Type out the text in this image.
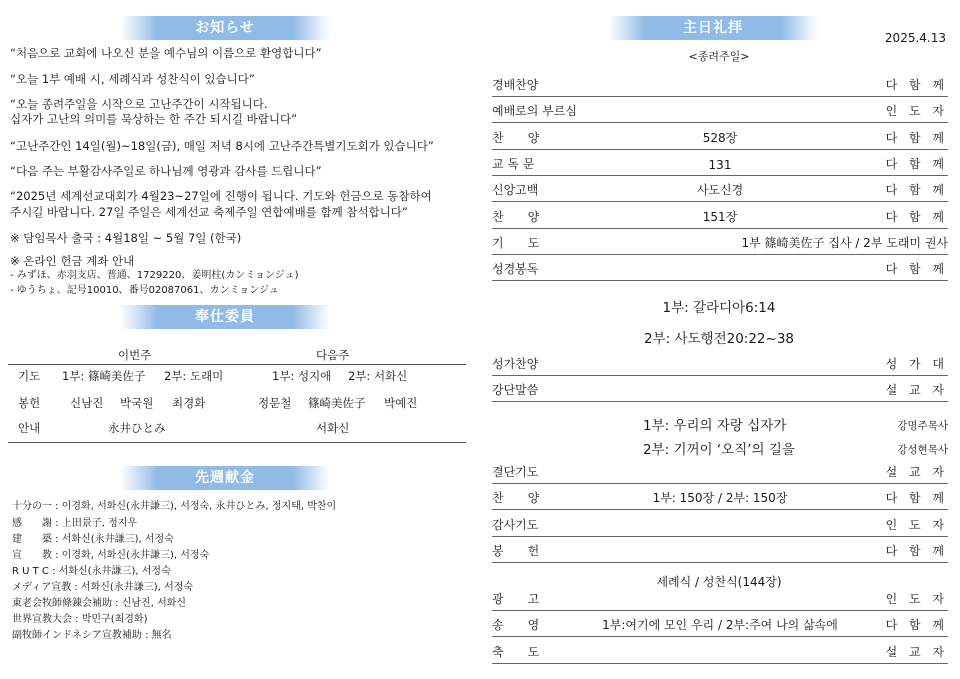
お知らせ
“처음으로 교회에 나오신 분을 예수님의 이름으로 환영합니다”
“오늘 1부 예배 시, 세례식과 성찬식이 있습니다”
“오늘 종려주일을 시작으로 고난주간이 시작됩니다.
십자가 고난의 의미를 묵상하는 한 주간 되시길 바랍니다”
“고난주간인 14일(월)~18일(금), 매일 저녁 8시에 고난주간특별기도회가 있습니다”
“다음 주는 부활감사주일로 하나님께 영광과 감사를 드립니다”
“2025년 세계선교대회가 4월23~27일에 진행이 됩니다. 기도와 헌금으로 동참하여
주시길 바랍니다. 27일 주일은 세계선교 축제주일 연합예배를 함께 참석합니다”
※ 담임목사 출국 : 4월18일 ~ 5월 7일 (한국)
※ 온라인 헌금 계좌 안내
- みずほ、赤羽支店、普通、1729220、姜明柱(カンミョンジュ)
- ゆうちょ、記号10010、番号02087061、カンミョンジュ
奉仕委員
이번주	다음주
기도 1부: 篠崎美佐子 2부: 도래미	1부: 성지애 2부: 서화신
봉헌	신남진 박국원 최경화	정문철 篠崎美佐子 박예진
안내	永井ひとみ	서화신
先週献金
十分の一 : 이경화, 서화신(永井謙三), 서정숙, 永井ひとみ, 정지태, 박찬이
感　　謝 : 上田景子, 정지우
建　　築 : 서화신(永井謙三), 서정숙
宣　　教 : 이경화, 서화신(永井謙三), 서정숙
R U T C : 서화신(永井謙三), 서정숙
メディア宣教 : 서화신(永井謙三), 서정숙
東老会牧師條錬会補助 : 신남진, 서화신
世界宣教大会 : 박민구(최경화)
副牧師インドネシア宣教補助 : 無名
主日礼拝
2025.4.13
<종려주일>
경배찬양	다 함 께
예배로의 부르심	인 도 자
찬　　양	528장	다 함 께
교 독 문	131	다 함 께
신앙고백	사도신경	다 함 께
찬　　양	151장	다 함 께
기　　도	1부 篠崎美佐子 집사 / 2부 도래미 권사
성경봉독	다 함 께
1부: 갈라디아6:14
2부: 사도행전20:22~38
성가찬양	성 가 대
강단말씀	설 교 자
1부: 우리의 자랑 십자가	강명주목사
2부: 기꺼이 ‘오직’의 길을	강성현목사
결단기도	설 교 자
찬　　양	1부: 150장 / 2부: 150장	다 함 께
감사기도	인 도 자
봉　　헌	다 함 께
세례식 / 성찬식(144장)
광　　고	인 도 자
송　　영	1부:여기에 모인 우리 / 2부:주여 나의 삶속에	다 함 께
축　　도	설 교 자
